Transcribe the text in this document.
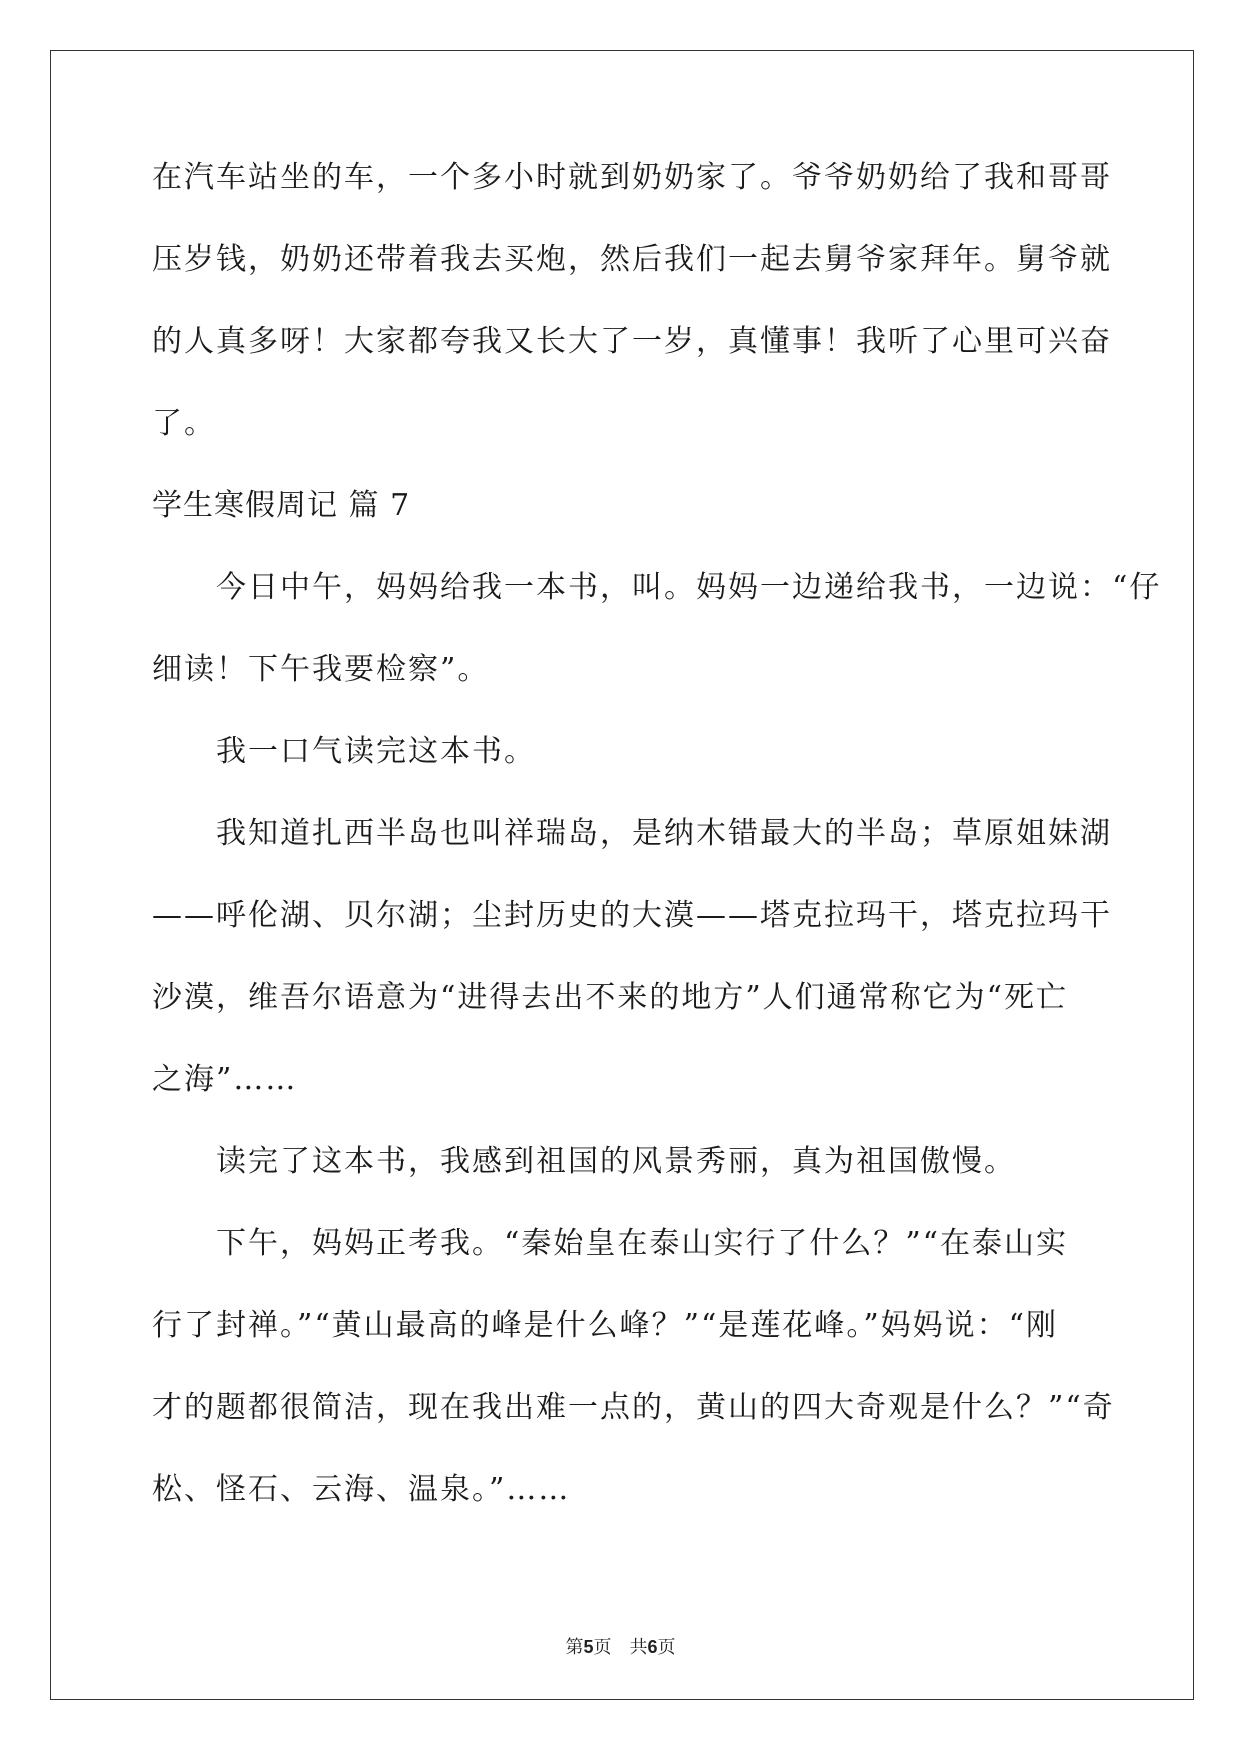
在汽车站坐的车，一个多小时就到奶奶家了。爷爷奶奶给了我和哥哥
压岁钱，奶奶还带着我去买炮，然后我们一起去舅爷家拜年。舅爷就
的人真多呀！大家都夸我又长大了一岁，真懂事！我听了心里可兴奋
了。
学生寒假周记 篇 7
今日中午，妈妈给我一本书，叫。妈妈一边递给我书，一边说：“仔
细读！下午我要检察”。
我一口气读完这本书。
我知道扎西半岛也叫祥瑞岛，是纳木错最大的半岛；草原姐妹湖
——呼伦湖、贝尔湖；尘封历史的大漠——塔克拉玛干，塔克拉玛干
沙漠，维吾尔语意为“进得去出不来的地方”人们通常称它为“死亡
之海”……
读完了这本书，我感到祖国的风景秀丽，真为祖国傲慢。
下午，妈妈正考我。“秦始皇在泰山实行了什么？”“在泰山实
行了封禅。”“黄山最高的峰是什么峰？”“是莲花峰。”妈妈说：“刚
才的题都很简洁，现在我出难一点的，黄山的四大奇观是什么？”“奇
松、怪石、云海、温泉。”……
第5页 共6页
